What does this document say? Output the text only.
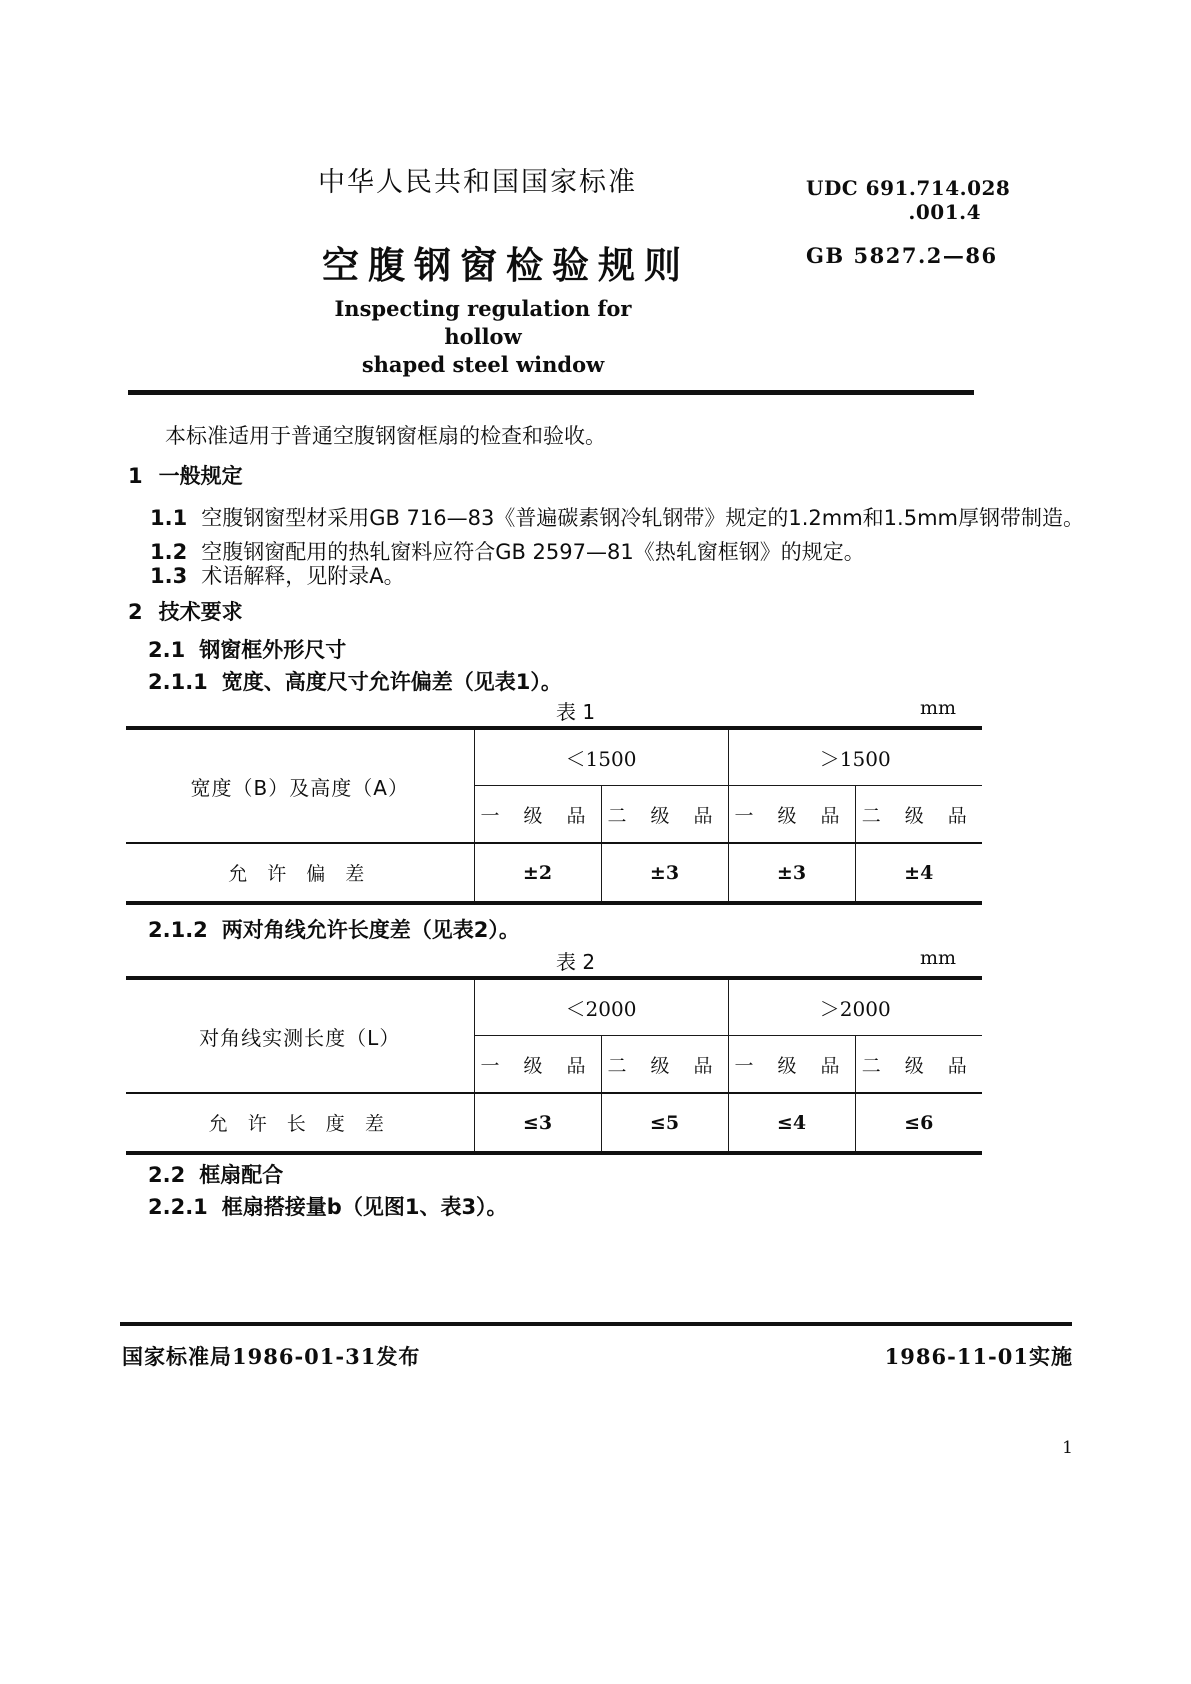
中华人民共和国国家标准
空腹钢窗检验规则
Inspecting regulation for hollow
shaped steel window
UDC 691.714.028
.001.4
GB 5827.2—86
本标准适用于普通空腹钢窗框扇的检查和验收。
1 一般规定
1.1 空腹钢窗型材采用GB 716—83《普遍碳素钢冷轧钢带》规定的1.2mm和1.5mm厚钢带制造。
1.2 空腹钢窗配用的热轧窗料应符合GB 2597—81《热轧窗框钢》的规定。
1.3 术语解释，见附录A。
2 技术要求
2.1 钢窗框外形尺寸
2.1.1 宽度、高度尺寸允许偏差（见表1）。
2.1.2 两对角线允许长度差（见表2）。
2.2 框扇配合
2.2.1 框扇搭接量b（见图1、表3）。
表 1	mm
宽度（B）及高度（A）	＜1500		＞1500	
	一 级 品	二 级 品	一 级 品	二 级 品
允 许 偏 差	±2	±3	±3	±4
表 2	mm
对角线实测长度（L）	＜2000		＞2000	
	一 级 品	二 级 品	一 级 品	二 级 品
允 许 长 度 差	≤3	≤5	≤4	≤6
国家标准局1986-01-31发布	1986-11-01实施
1
